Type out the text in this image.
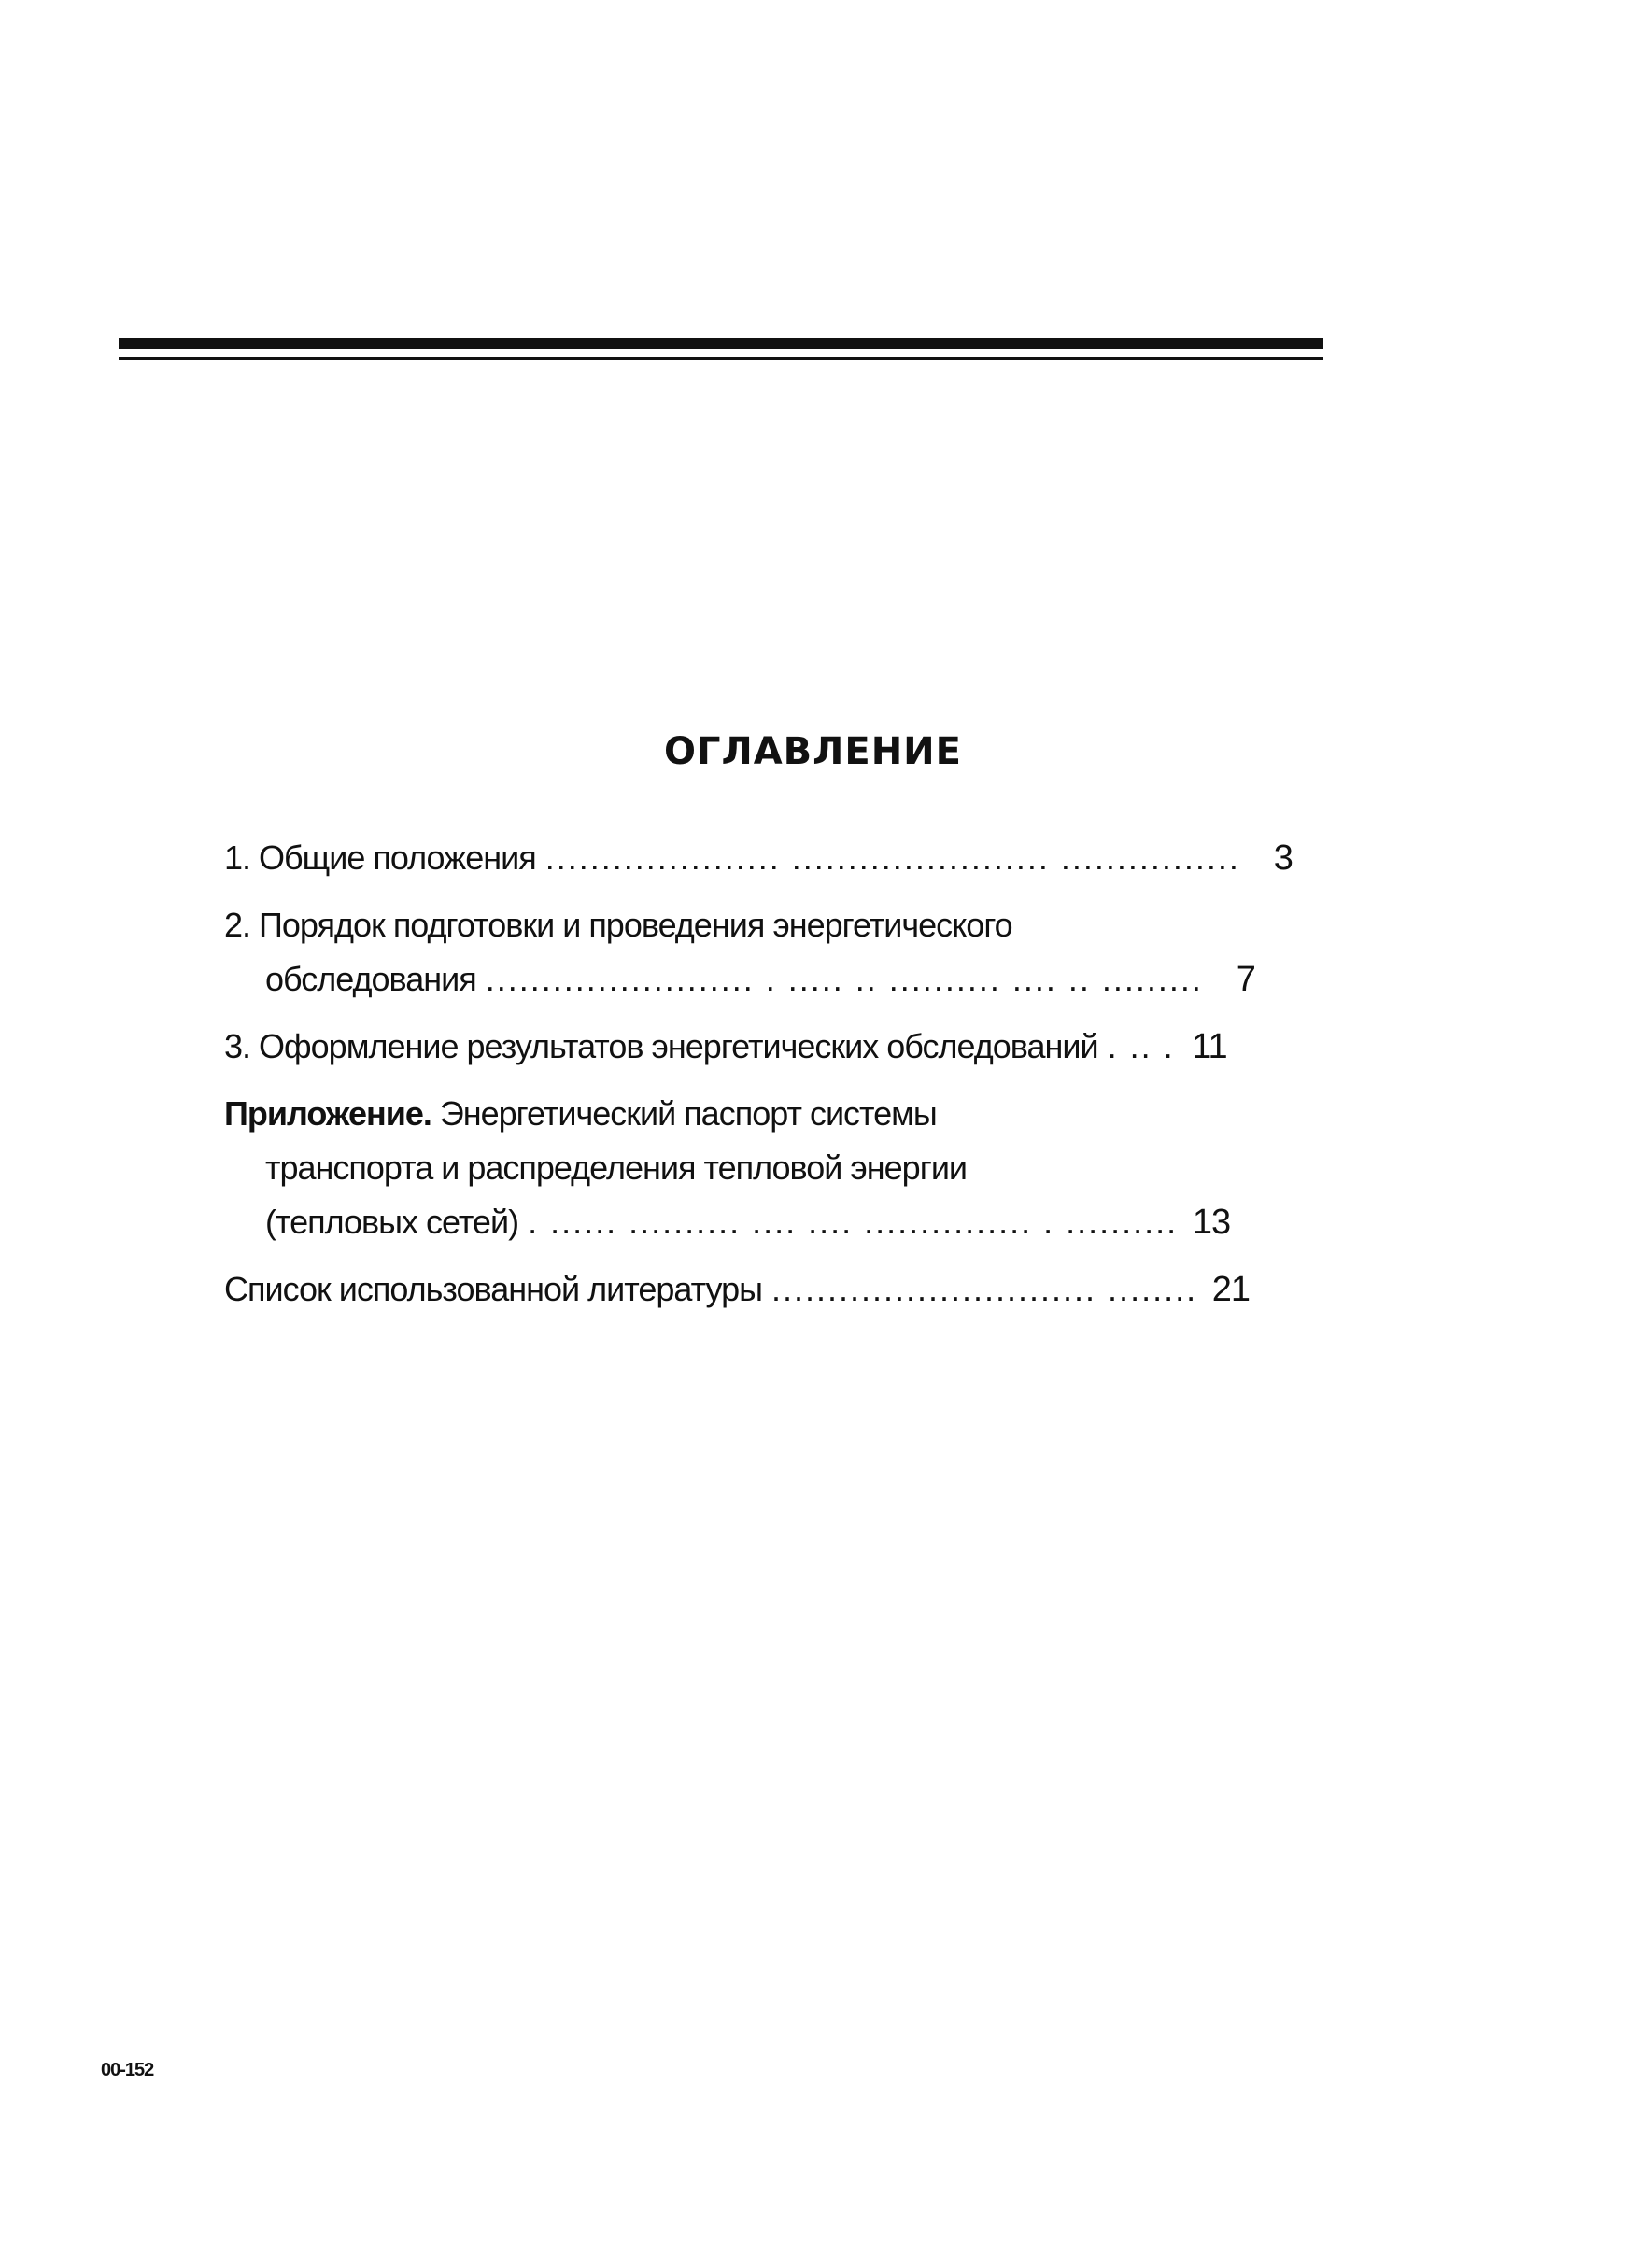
ОГЛАВЛЕНИЕ
1. Общие положения ..................... ....................... ................ 3
2. Порядок подготовки и проведения энергетического
обследования ........................ . ..... .. .......... .... .. ......... 7
3. Оформление результатов энергетических обследований . .. . 11
Приложение. Энергетический паспорт системы
транспорта и распределения тепловой энергии
(тепловых сетей) . ...... .......... .... .... ............... . .......... 13
Список использованной литературы ............................. ........ 21
00-152
